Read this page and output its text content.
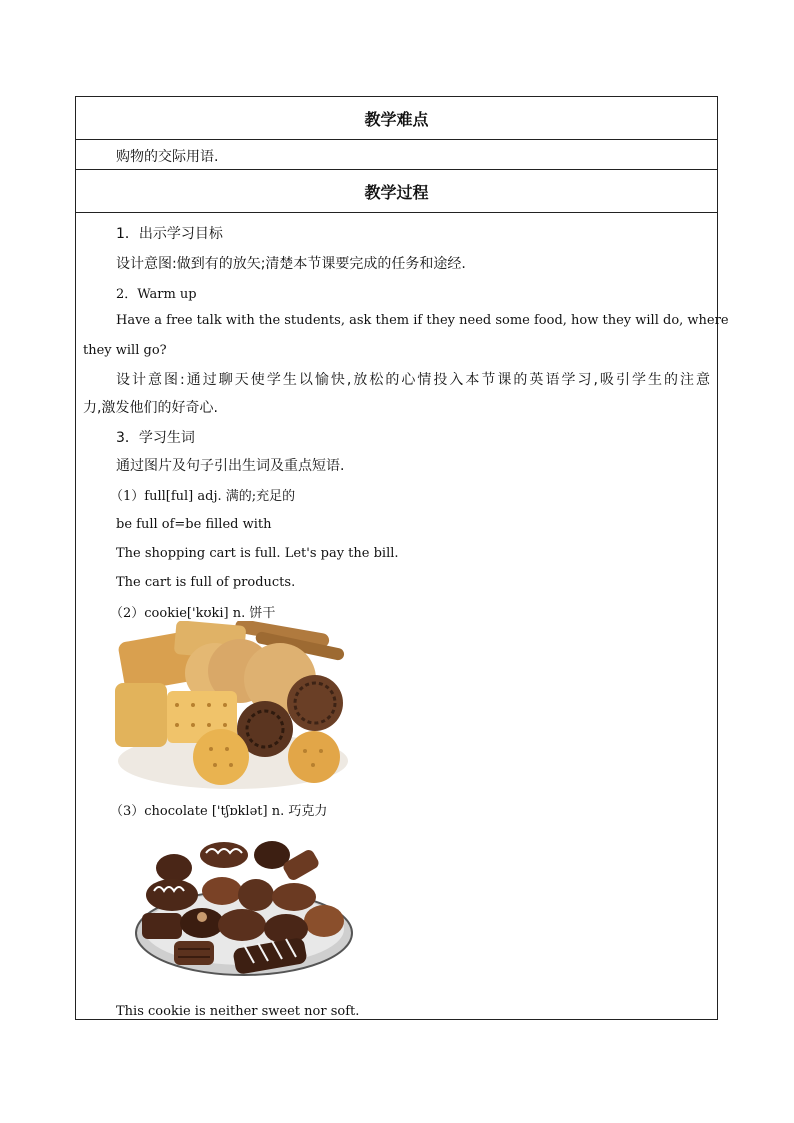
教学难点
购物的交际用语.
教学过程
1．出示学习目标
设计意图:做到有的放矢;清楚本节课要完成的任务和途经.
2．Warm up
Have a free talk with the students, ask them if they need some food, how they will do, where
they will go?
设计意图:通过聊天使学生以愉快,放松的心情投入本节课的英语学习,吸引学生的注意
力,激发他们的好奇心.
3．学习生词
通过图片及句子引出生词及重点短语.
（1）full[ful] adj. 满的;充足的
be full of=be filled with
The shopping cart is full. Let's pay the bill.
The cart is full of products.
（2）cookie['kʊki] n. 饼干
（3）chocolate ['tʃɒklət] n. 巧克力
This cookie is neither sweet nor soft.
